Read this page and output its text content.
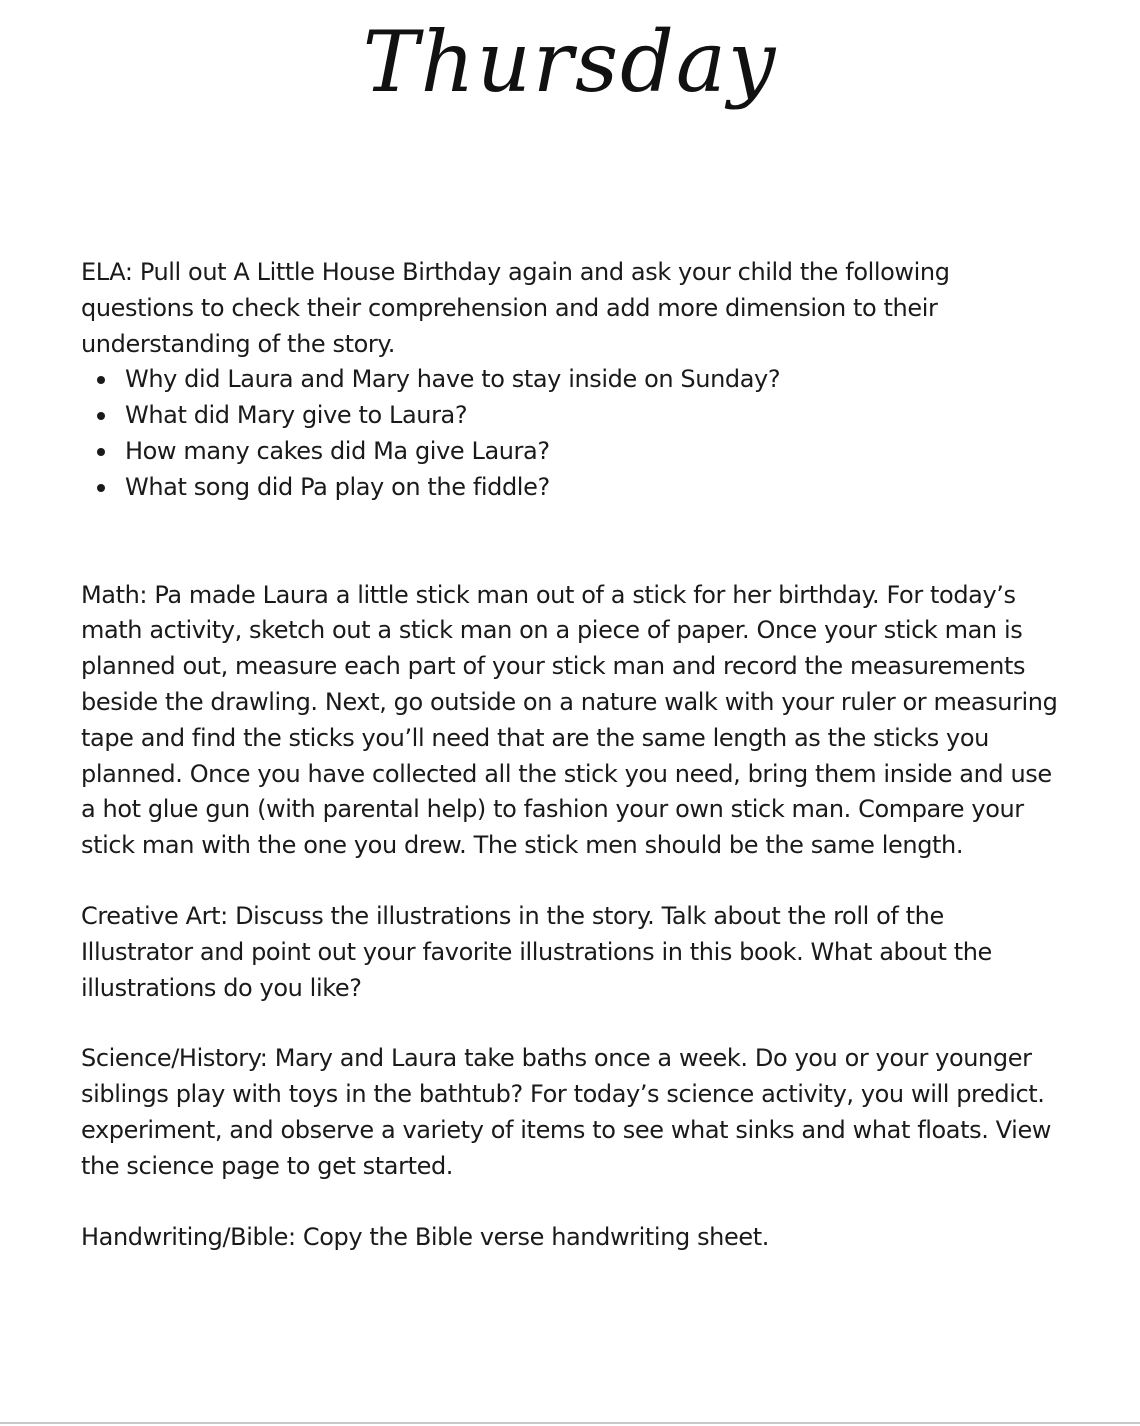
Thursday

ELA: Pull out A Little House Birthday again and ask your child the following questions to check their comprehension and add more dimension to their understanding of the story.

Why did Laura and Mary have to stay inside on Sunday?
What did Mary give to Laura?
How many cakes did Ma give Laura?
What song did Pa play on the fiddle?

Math: Pa made Laura a little stick man out of a stick for her birthday. For today’s math activity, sketch out a stick man on a piece of paper. Once your stick man is planned out, measure each part of your stick man and record the measurements beside the drawling. Next, go outside on a nature walk with your ruler or measuring tape and find the sticks you’ll need that are the same length as the sticks you planned. Once you have collected all the stick you need, bring them inside and use a hot glue gun (with parental help) to fashion your own stick man. Compare your stick man with the one you drew. The stick men should be the same length.

Creative Art: Discuss the illustrations in the story. Talk about the roll of the Illustrator and point out your favorite illustrations in this book. What about the illustrations do you like?

Science/History: Mary and Laura take baths once a week. Do you or your younger siblings play with toys in the bathtub? For today’s science activity, you will predict. experiment, and observe a variety of items to see what sinks and what floats. View the science page to get started.

Handwriting/Bible: Copy the Bible verse handwriting sheet.
